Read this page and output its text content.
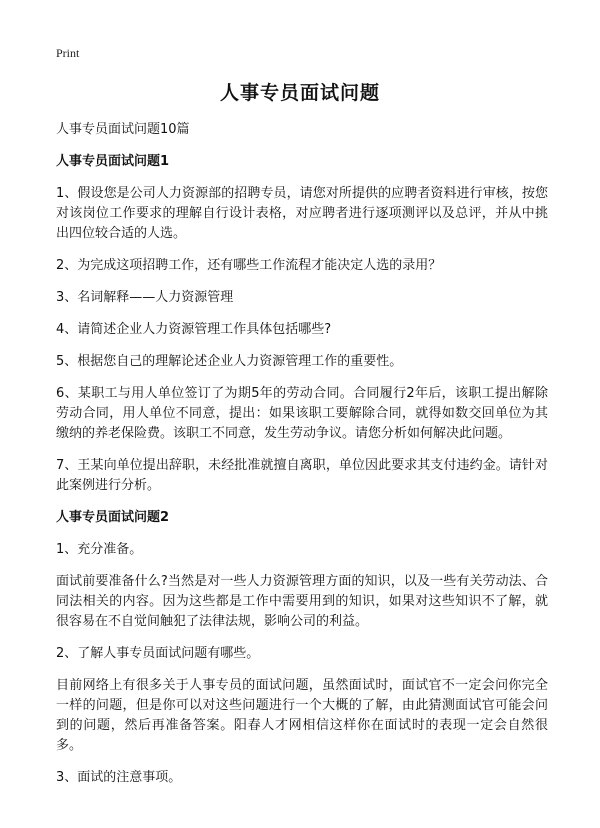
Print
人事专员面试问题

人事专员面试问题10篇

人事专员面试问题1

1、假设您是公司人力资源部的招聘专员，请您对所提供的应聘者资料进行审核，按您对该岗位工作要求的理解自行设计表格，对应聘者进行逐项测评以及总评，并从中挑出四位较合适的人选。

2、为完成这项招聘工作，还有哪些工作流程才能决定人选的录用？

3、名词解释——人力资源管理

4、请简述企业人力资源管理工作具体包括哪些?

5、根据您自己的理解论述企业人力资源管理工作的重要性。

6、某职工与用人单位签订了为期5年的劳动合同。合同履行2年后，该职工提出解除劳动合同，用人单位不同意，提出：如果该职工要解除合同，就得如数交回单位为其缴纳的养老保险费。该职工不同意，发生劳动争议。请您分析如何解决此问题。

7、王某向单位提出辞职，未经批准就擅自离职，单位因此要求其支付违约金。请针对此案例进行分析。

人事专员面试问题2

1、充分准备。

面试前要准备什么?当然是对一些人力资源管理方面的知识，以及一些有关劳动法、合同法相关的内容。因为这些都是工作中需要用到的知识，如果对这些知识不了解，就很容易在不自觉间触犯了法律法规，影响公司的利益。

2、了解人事专员面试问题有哪些。

目前网络上有很多关于人事专员的面试问题，虽然面试时，面试官不一定会问你完全一样的问题，但是你可以对这些问题进行一个大概的了解，由此猜测面试官可能会问到的问题，然后再准备答案。阳春人才网相信这样你在面试时的表现一定会自然很多。

3、面试的注意事项。
